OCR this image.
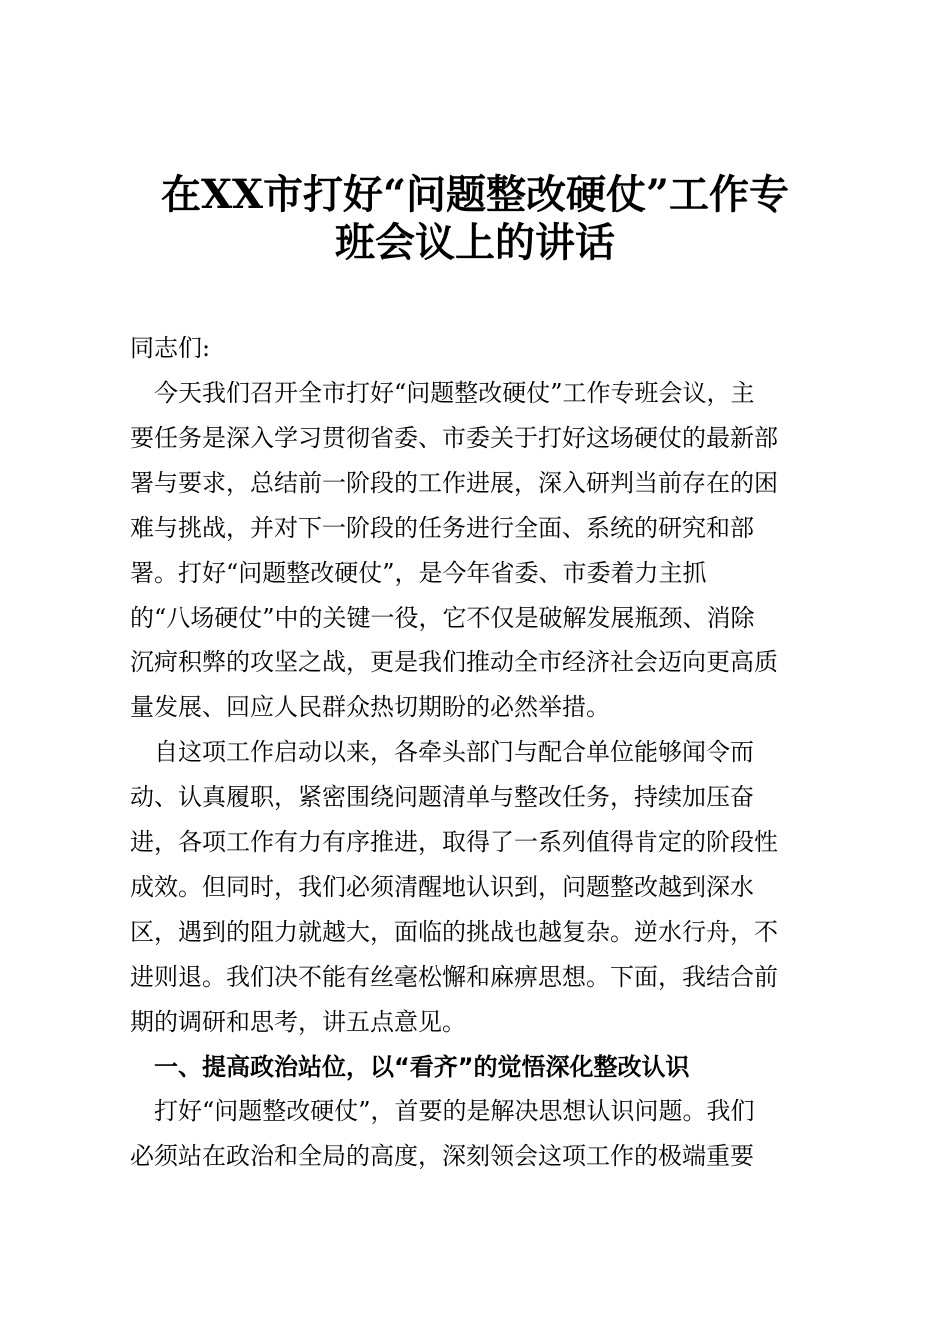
在XX市打好“问题整改硬仗”工作专
班会议上的讲话
同志们:
　今天我们召开全市打好“问题整改硬仗”工作专班会议，主
要任务是深入学习贯彻省委、市委关于打好这场硬仗的最新部
署与要求，总结前一阶段的工作进展，深入研判当前存在的困
难与挑战，并对下一阶段的任务进行全面、系统的研究和部
署。打好“问题整改硬仗”，是今年省委、市委着力主抓
的“八场硬仗”中的关键一役，它不仅是破解发展瓶颈、消除
沉疴积弊的攻坚之战，更是我们推动全市经济社会迈向更高质
量发展、回应人民群众热切期盼的必然举措。
　自这项工作启动以来，各牵头部门与配合单位能够闻令而
动、认真履职，紧密围绕问题清单与整改任务，持续加压奋
进，各项工作有力有序推进，取得了一系列值得肯定的阶段性
成效。但同时，我们必须清醒地认识到，问题整改越到深水
区，遇到的阻力就越大，面临的挑战也越复杂。逆水行舟，不
进则退。我们决不能有丝毫松懈和麻痹思想。下面，我结合前
期的调研和思考，讲五点意见。
　一、提高政治站位，以“看齐”的觉悟深化整改认识
　打好“问题整改硬仗”，首要的是解决思想认识问题。我们
必须站在政治和全局的高度，深刻领会这项工作的极端重要
